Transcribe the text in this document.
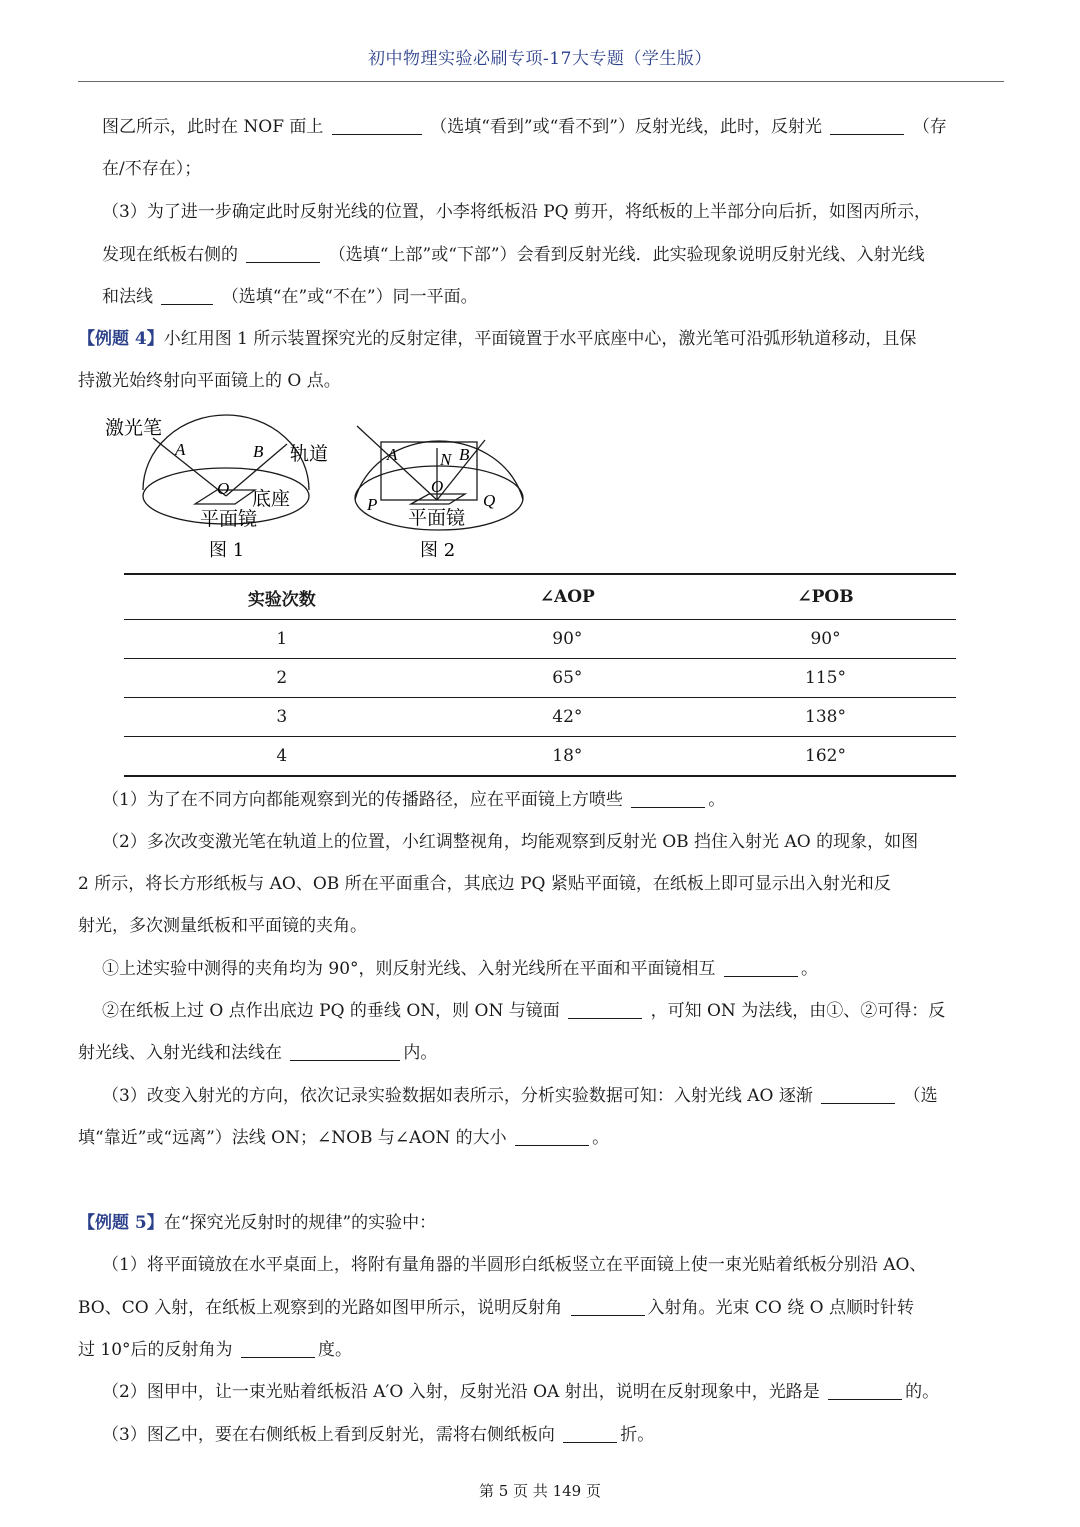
初中物理实验必刷专项-17大专题（学生版）
图乙所示，此时在 NOF 面上	（选填“看到”或“看不到”）反射光线，此时，反射光	（存
在/不存在）；
（3）为了进一步确定此时反射光线的位置，小李将纸板沿 PQ 剪开，将纸板的上半部分向后折，如图丙所示，
发现在纸板右侧的	（选填“上部”或“下部”）会看到反射光线．此实验现象说明反射光线、入射光线
和法线	（选填“在”或“不在”）同一平面。
【例题 4】小红用图 1 所示装置探究光的反射定律，平面镜置于水平底座中心，激光笔可沿弧形轨道移动，且保
持激光始终射向平面镜上的 O 点。
激光笔
A	B 轨道
O 底座
平面镜
图 1
A	N B
O
P	Q
平面镜
图 2
实验次数	∠AOP	∠POB
1	90°	90°
2	65°	115°
3	42°	138°
4	18°	162°
（1）为了在不同方向都能观察到光的传播路径，应在平面镜上方喷些	。
（2）多次改变激光笔在轨道上的位置，小红调整视角，均能观察到反射光 OB 挡住入射光 AO 的现象，如图
2 所示，将长方形纸板与 AO、OB 所在平面重合，其底边 PQ 紧贴平面镜，在纸板上即可显示出入射光和反
射光，多次测量纸板和平面镜的夹角。
①上述实验中测得的夹角均为 90°，则反射光线、入射光线所在平面和平面镜相互	。
②在纸板上过 O 点作出底边 PQ 的垂线 ON，则 ON 与镜面	，可知 ON 为法线，由①、②可得：反
射光线、入射光线和法线在	内。
（3）改变入射光的方向，依次记录实验数据如表所示，分析实验数据可知：入射光线 AO 逐渐	（选
填“靠近”或“远离”）法线 ON；∠NOB 与∠AON 的大小	。
【例题 5】在“探究光反射时的规律”的实验中：
（1）将平面镜放在水平桌面上，将附有量角器的半圆形白纸板竖立在平面镜上使一束光贴着纸板分别沿 AO、
BO、CO 入射，在纸板上观察到的光路如图甲所示，说明反射角	入射角。光束 CO 绕 O 点顺时针转
过 10°后的反射角为	度。
（2）图甲中，让一束光贴着纸板沿 A′O 入射，反射光沿 OA 射出，说明在反射现象中，光路是	的。
（3）图乙中，要在右侧纸板上看到反射光，需将右侧纸板向	折。
第 5 页 共 149 页
